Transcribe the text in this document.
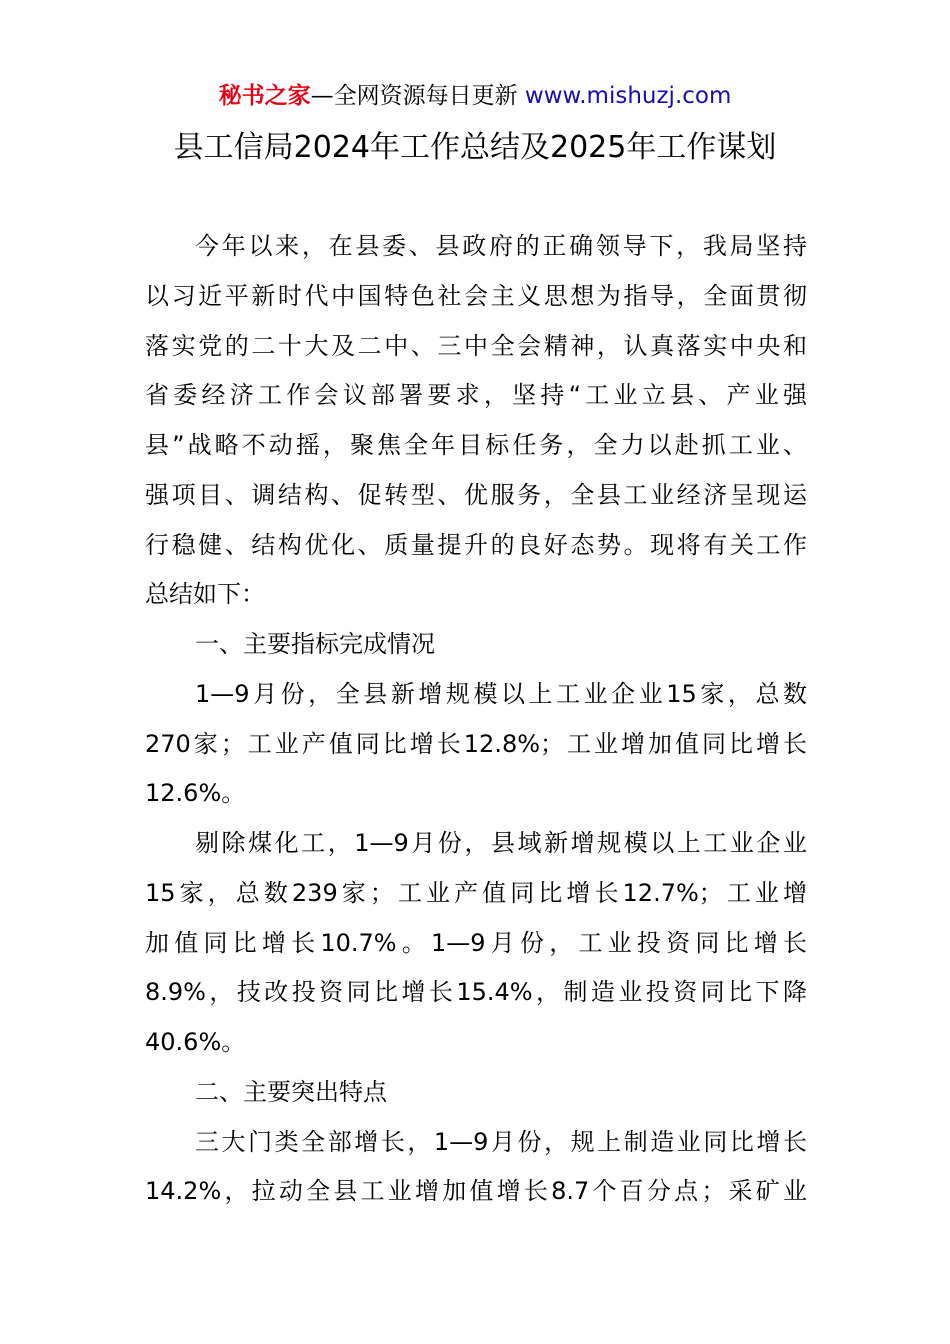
秘书之家—全网资源每日更新 www.mishuzj.com
县工信局2024年工作总结及2025年工作谋划
今年以来，在县委、县政府的正确领导下，我局坚持
以习近平新时代中国特色社会主义思想为指导，全面贯彻
落实党的二十大及二中、三中全会精神，认真落实中央和
省委经济工作会议部署要求，坚持“工业立县、产业强
县”战略不动摇，聚焦全年目标任务，全力以赴抓工业、
强项目、调结构、促转型、优服务，全县工业经济呈现运
行稳健、结构优化、质量提升的良好态势。现将有关工作
总结如下：
一、主要指标完成情况
1—9月份，全县新增规模以上工业企业15家，总数
270家；工业产值同比增长12.8%；工业增加值同比增长
12.6%。
剔除煤化工，1—9月份，县域新增规模以上工业企业
15家，总数239家；工业产值同比增长12.7%；工业增
加值同比增长10.7%。1—9月份，工业投资同比增长
8.9%，技改投资同比增长15.4%，制造业投资同比下降
40.6%。
二、主要突出特点
三大门类全部增长，1—9月份，规上制造业同比增长
14.2%，拉动全县工业增加值增长8.7个百分点；采矿业
